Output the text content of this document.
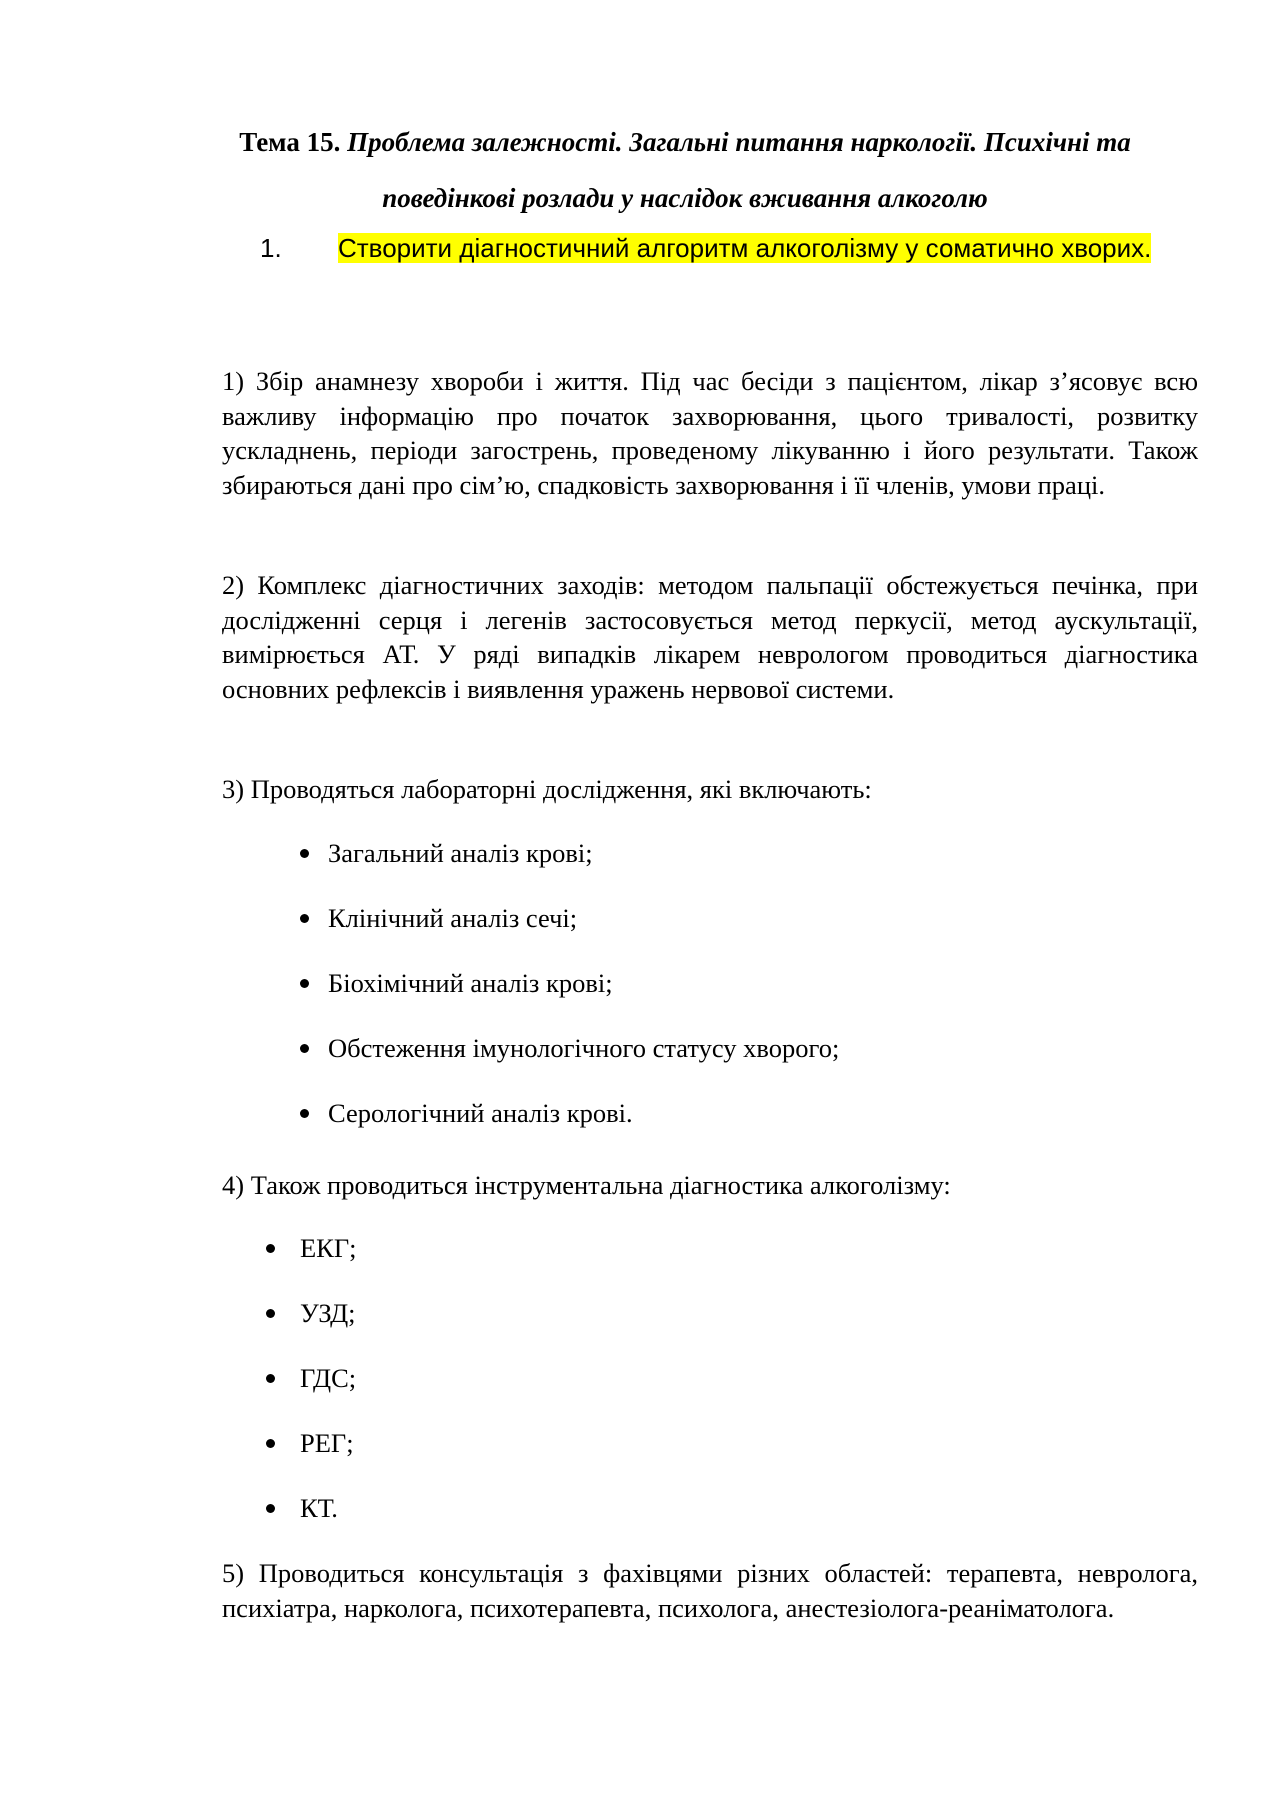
Тема 15. Проблема залежності. Загальні питання наркології. Психічні та поведінкові розлади у наслідок вживання алкоголю
1. Створити діагностичний алгоритм алкоголізму у соматично хворих.

1) Збір анамнезу хвороби і життя. Під час бесіди з пацієнтом, лікар з’ясовує всю важливу інформацію про початок захворювання, цього тривалості, розвитку ускладнень, періоди загострень, проведеному лікуванню і його результати. Також збираються дані про сім’ю, спадковість захворювання і її членів, умови праці.

2) Комплекс діагностичних заходів: методом пальпації обстежується печінка, при дослідженні серця і легенів застосовується метод перкусії, метод аускультації, вимірюється АТ. У ряді випадків лікарем неврологом проводиться діагностика основних рефлексів і виявлення уражень нервової системи.

3) Проводяться лабораторні дослідження, які включають:

Загальний аналіз крові;
Клінічний аналіз сечі;
Біохімічний аналіз крові;
Обстеження імунологічного статусу хворого;
Серологічний аналіз крові.

4) Також проводиться інструментальна діагностика алкоголізму:

ЕКГ;
УЗД;
ГДС;
РЕГ;
КТ.

5) Проводиться консультація з фахівцями різних областей: терапевта, невролога, психіатра, нарколога, психотерапевта, психолога, анестезіолога-реаніматолога.
